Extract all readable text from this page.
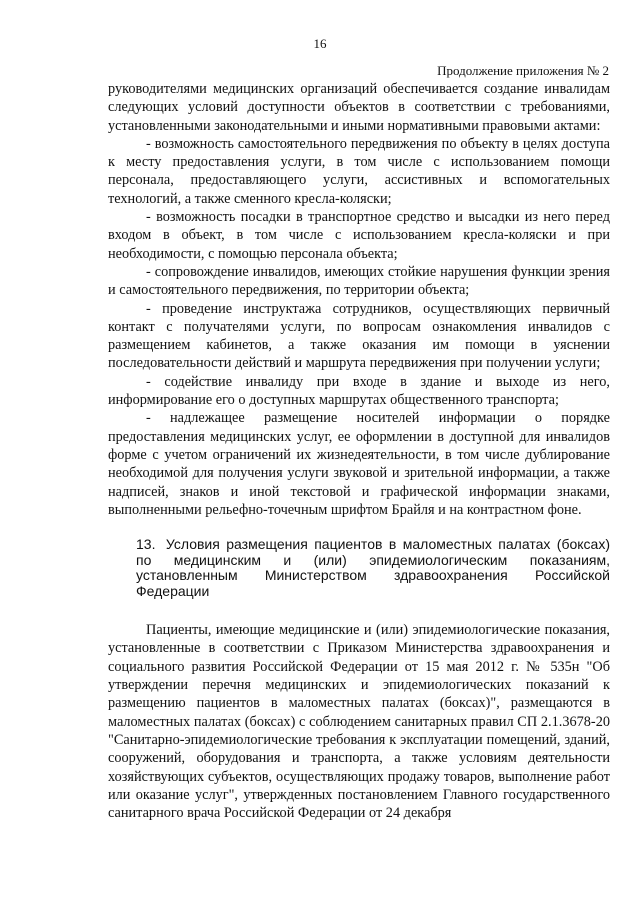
16
Продолжение приложения № 2

руководителями медицинских организаций обеспечивается создание инвалидам следующих условий доступности объектов в соответствии с требованиями, установленными законодательными и иными нормативными правовыми актами:

- возможность самостоятельного передвижения по объекту в целях доступа к месту предоставления услуги, в том числе с использованием помощи персонала, предоставляющего услуги, ассистивных и вспомогательных технологий, а также сменного кресла-коляски;

- возможность посадки в транспортное средство и высадки из него перед входом в объект, в том числе с использованием кресла-коляски и при необходимости, с помощью персонала объекта;

- сопровождение инвалидов, имеющих стойкие нарушения функции зрения и самостоятельного передвижения, по территории объекта;

- проведение инструктажа сотрудников, осуществляющих первичный контакт с получателями услуги, по вопросам ознакомления инвалидов с размещением кабинетов, а также оказания им помощи в уяснении последовательности действий и маршрута передвижения при получении услуги;

- содействие инвалиду при входе в здание и выходе из него, информирование его о доступных маршрутах общественного транспорта;

- надлежащее размещение носителей информации о порядке предоставления медицинских услуг, ее оформлении в доступной для инвалидов форме с учетом ограничений их жизнедеятельности, в том числе дублирование необходимой для получения услуги звуковой и зрительной информации, а также надписей, знаков и иной текстовой и графической информации знаками, выполненными рельефно-точечным шрифтом Брайля и на контрастном фоне.

13. Условия размещения пациентов в маломестных палатах (боксах) по медицинским и (или) эпидемиологическим показаниям, установленным Министерством здравоохранения Российской Федерации

Пациенты, имеющие медицинские и (или) эпидемиологические показания, установленные в соответствии с Приказом Министерства здравоохранения и социального развития Российской Федерации от 15 мая 2012 г. № 535н "Об утверждении перечня медицинских и эпидемиологических показаний к размещению пациентов в маломестных палатах (боксах)", размещаются в маломестных палатах (боксах) с соблюдением санитарных правил СП 2.1.3678-20 "Санитарно-эпидемиологические требования к эксплуатации помещений, зданий, сооружений, оборудования и транспорта, а также условиям деятельности хозяйствующих субъектов, осуществляющих продажу товаров, выполнение работ или оказание услуг", утвержденных постановлением Главного государственного санитарного врача Российской Федерации от 24 декабря
